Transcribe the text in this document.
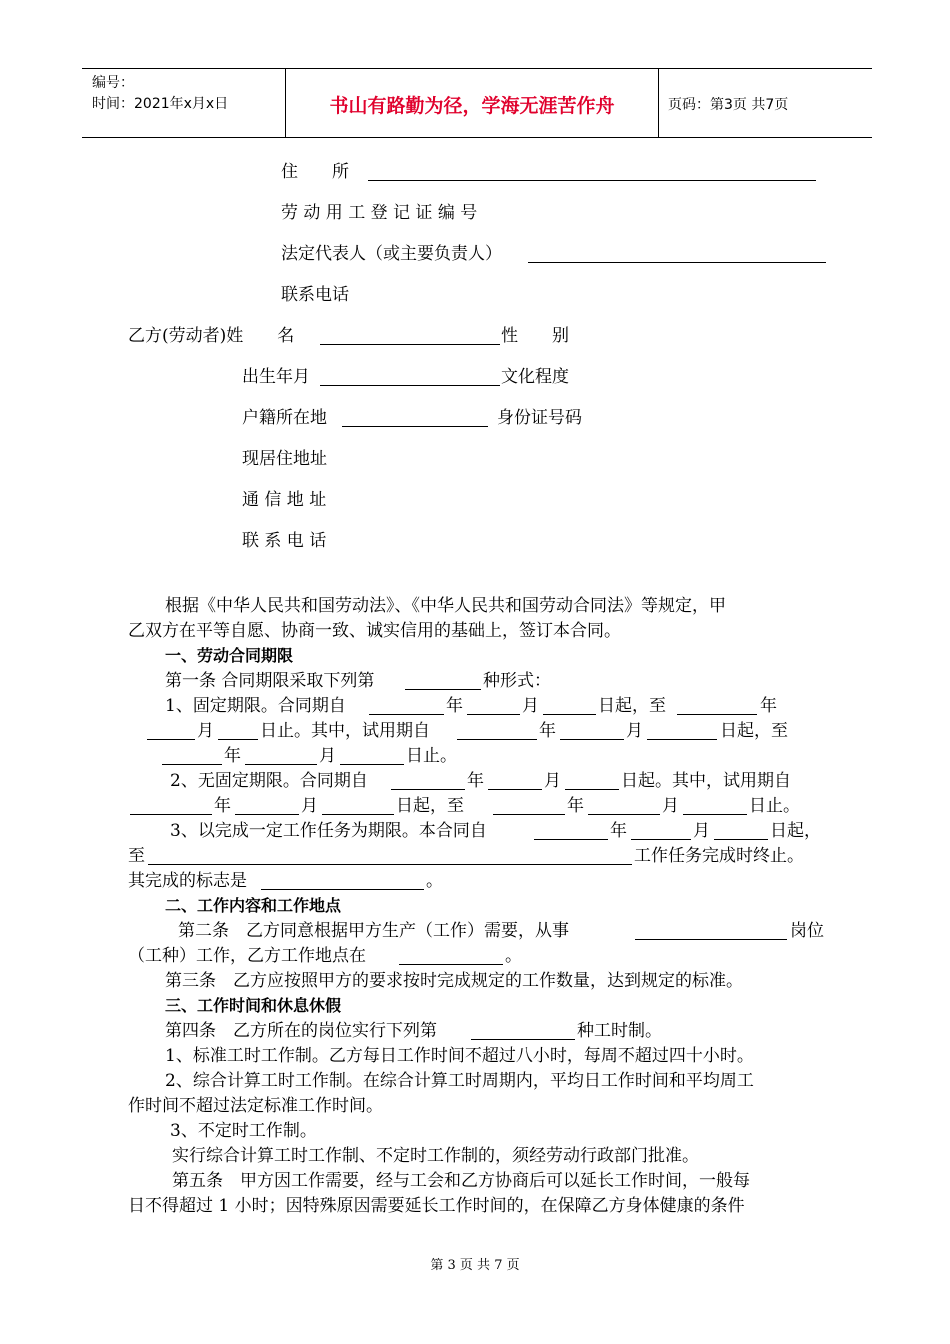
编号：
时间：2021年x月x日	书山有路勤为径，学海无涯苦作舟	页码：第3页 共7页
住　　所
劳 动 用 工 登 记 证 编 号
法定代表人（或主要负责人）
联系电话
乙方(劳动者)姓　　名	性　　别
出生年月	文化程度
户籍所在地	身份证号码
现居住地址
通 信 地 址
联 系 电 话
根据《中华人民共和国劳动法》、《中华人民共和国劳动合同法》等规定，甲
乙双方在平等自愿、协商一致、诚实信用的基础上，签订本合同。
一、劳动合同期限
第一条 合同期限采取下列第	种形式：
1、固定期限。合同期自	年	月	日起，至	年
月	日止。其中，试用期自	年	月	日起，至
年	月	日止。
2、无固定期限。合同期自	年	月	日起。其中，试用期自
年	月	日起，至	年	月	日止。
3、以完成一定工作任务为期限。本合同自	年	月	日起，
至	工作任务完成时终止。
其完成的标志是	。
二、工作内容和工作地点
第二条　乙方同意根据甲方生产（工作）需要，从事	岗位
（工种）工作，乙方工作地点在	。
第三条　乙方应按照甲方的要求按时完成规定的工作数量，达到规定的标准。
三、工作时间和休息休假
第四条　乙方所在的岗位实行下列第	种工时制。
1、标准工时工作制。乙方每日工作时间不超过八小时，每周不超过四十小时。
2、综合计算工时工作制。在综合计算工时周期内，平均日工作时间和平均周工
作时间不超过法定标准工作时间。
3、不定时工作制。
实行综合计算工时工作制、不定时工作制的，须经劳动行政部门批准。
第五条　甲方因工作需要，经与工会和乙方协商后可以延长工作时间，一般每
日不得超过 1 小时；因特殊原因需要延长工作时间的，在保障乙方身体健康的条件
第 3 页 共 7 页
